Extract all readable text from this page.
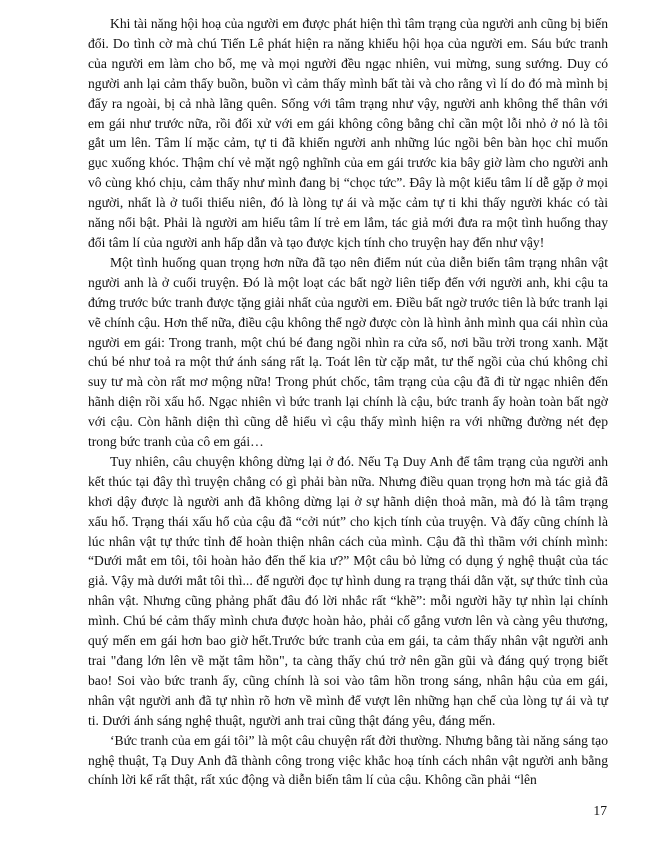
Khi tài năng hội hoạ của người em được phát hiện thì tâm trạng của người anh cũng bị biến đổi. Do tình cờ mà chú Tiến Lê phát hiện ra năng khiếu hội họa của người em. Sáu bức tranh của người em làm cho bố, mẹ và mọi người đều ngạc nhiên, vui mừng, sung sướng. Duy có người anh lại cảm thấy buồn, buồn vì cảm thấy mình bất tài và cho rằng vì lí do đó mà mình bị đẩy ra ngoài, bị cả nhà lãng quên. Sống với tâm trạng như vậy, người anh không thể thân với em gái như trước nữa, rồi đối xử với em gái không công bằng chỉ cần một lỗi nhỏ ở nó là tôi gắt um lên. Tâm lí mặc cảm, tự ti đã khiến người anh những lúc ngồi bên bàn học chỉ muốn gục xuống khóc. Thậm chí vẻ mặt ngộ nghĩnh của em gái trước kia bây giờ làm cho người anh vô cùng khó chịu, cảm thấy như mình đang bị “chọc tức”. Đây là một kiểu tâm lí dễ gặp ở mọi người, nhất là ở tuổi thiếu niên, đó là lòng tự ái và mặc cảm tự ti khi thấy người khác có tài năng nổi bật. Phải là người am hiểu tâm lí trẻ em lắm, tác giả mới đưa ra một tình huống thay đổi tâm lí của người anh hấp dẫn và tạo được kịch tính cho truyện hay đến như vậy!

Một tình huống quan trọng hơn nữa đã tạo nên điểm nút của diễn biến tâm trạng nhân vật người anh là ở cuối truyện. Đó là một loạt các bất ngờ liên tiếp đến với người anh, khi cậu ta đứng trước bức tranh được tặng giải nhất của người em. Điều bất ngờ trước tiên là bức tranh lại vẽ chính cậu. Hơn thế nữa, điều cậu không thể ngờ được còn là hình ảnh mình qua cái nhìn của người em gái: Trong tranh, một chú bé đang ngồi nhìn ra cửa sổ, nơi bầu trời trong xanh. Mặt chú bé như toả ra một thứ ánh sáng rất lạ. Toát lên từ cặp mắt, tư thế ngồi của chú không chỉ suy tư mà còn rất mơ mộng nữa! Trong phút chốc, tâm trạng của cậu đã đi từ ngạc nhiên đến hãnh diện rồi xấu hổ. Ngạc nhiên vì bức tranh lại chính là cậu, bức tranh ấy hoàn toàn bất ngờ với cậu. Còn hãnh diện thì cũng dễ hiểu vì cậu thấy mình hiện ra với những đường nét đẹp trong bức tranh của cô em gái…

Tuy nhiên, câu chuyện không dừng lại ở đó. Nếu Tạ Duy Anh để tâm trạng của người anh kết thúc tại đây thì truyện chẳng có gì phải bàn nữa. Nhưng điều quan trọng hơn mà tác giả đã khơi dậy được là người anh đã không dừng lại ở sự hãnh diện thoả mãn, mà đó là tâm trạng xấu hổ. Trạng thái xấu hổ của cậu đã “cởi nút” cho kịch tính của truyện. Và đấy cũng chính là lúc nhân vật tự thức tỉnh để hoàn thiện nhân cách của mình. Cậu đã thì thầm với chính mình: “Dưới mắt em tôi, tôi hoàn hảo đến thế kia ư?” Một câu bỏ lửng có dụng ý nghệ thuật của tác giả. Vậy mà dưới mắt tôi thì... để người đọc tự hình dung ra trạng thái dằn vặt, sự thức tỉnh của nhân vật. Nhưng cũng phảng phất đâu đó lời nhắc rất “khẽ”: mỗi người hãy tự nhìn lại chính mình. Chú bé cảm thấy mình chưa được hoàn hảo, phải cố gắng vươn lên và càng yêu thương, quý mến em gái hơn bao giờ hết.Trước bức tranh của em gái, ta cảm thấy nhân vật người anh trai "đang lớn lên về mặt tâm hồn", ta càng thấy chú trở nên gần gũi và đáng quý trọng biết bao! Soi vào bức tranh ấy, cũng chính là soi vào tâm hồn trong sáng, nhân hậu của em gái, nhân vật người anh đã tự nhìn rõ hơn về mình để vượt lên những hạn chế của lòng tự ái và tự ti. Dưới ánh sáng nghệ thuật, người anh trai cũng thật đáng yêu, đáng mến.

‘Bức tranh của em gái tôi” là một câu chuyện rất đời thường. Nhưng bằng tài năng sáng tạo nghệ thuật, Tạ Duy Anh đã thành công trong việc khắc hoạ tính cách nhân vật người anh bằng chính lời kể rất thật, rất xúc động và diễn biến tâm lí của cậu. Không cần phải “lên

17
